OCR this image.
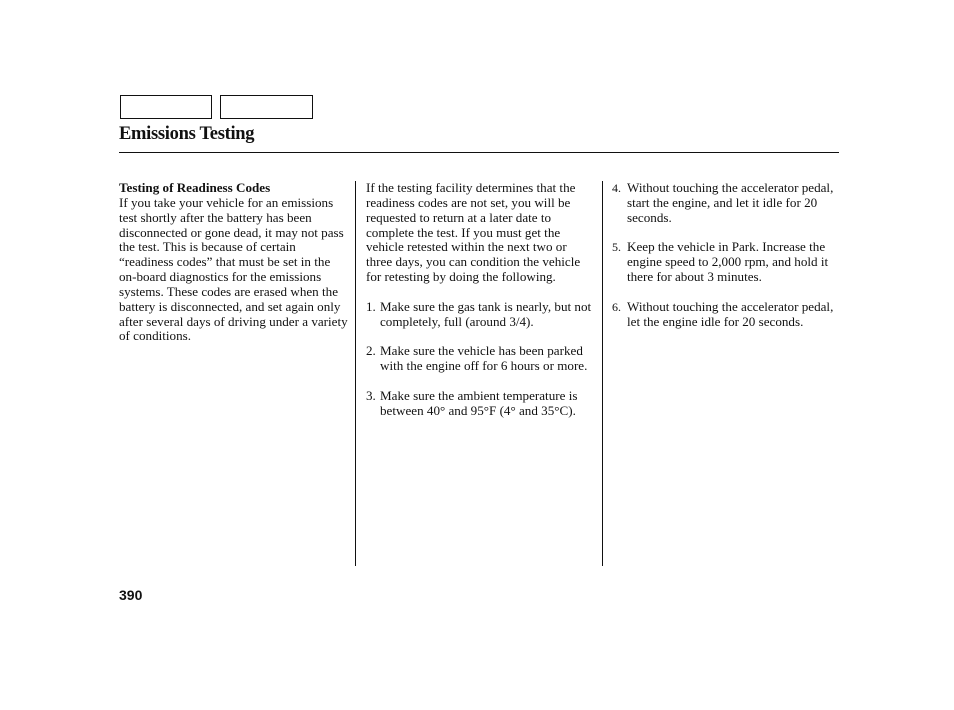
Emissions Testing
Testing of Readiness Codes

If you take your vehicle for an emissions test shortly after the battery has been disconnected or gone dead, it may not pass the test. This is because of certain “readiness codes” that must be set in the on-board diagnostics for the emissions systems. These codes are erased when the battery is disconnected, and set again only after several days of driving under a variety of conditions.

If the testing facility determines that the readiness codes are not set, you will be requested to return at a later date to complete the test. If you must get the vehicle retested within the next two or three days, you can condition the vehicle for retesting by doing the following.

1. Make sure the gas tank is nearly, but not completely, full (around 3/4).
2. Make sure the vehicle has been parked with the engine off for 6 hours or more.
3. Make sure the ambient temperature is between 40° and 95°F (4° and 35°C).
4. Without touching the accelerator pedal, start the engine, and let it idle for 20 seconds.
5. Keep the vehicle in Park. Increase the engine speed to 2,000 rpm, and hold it there for about 3 minutes.
6. Without touching the accelerator pedal, let the engine idle for 20 seconds.
390
